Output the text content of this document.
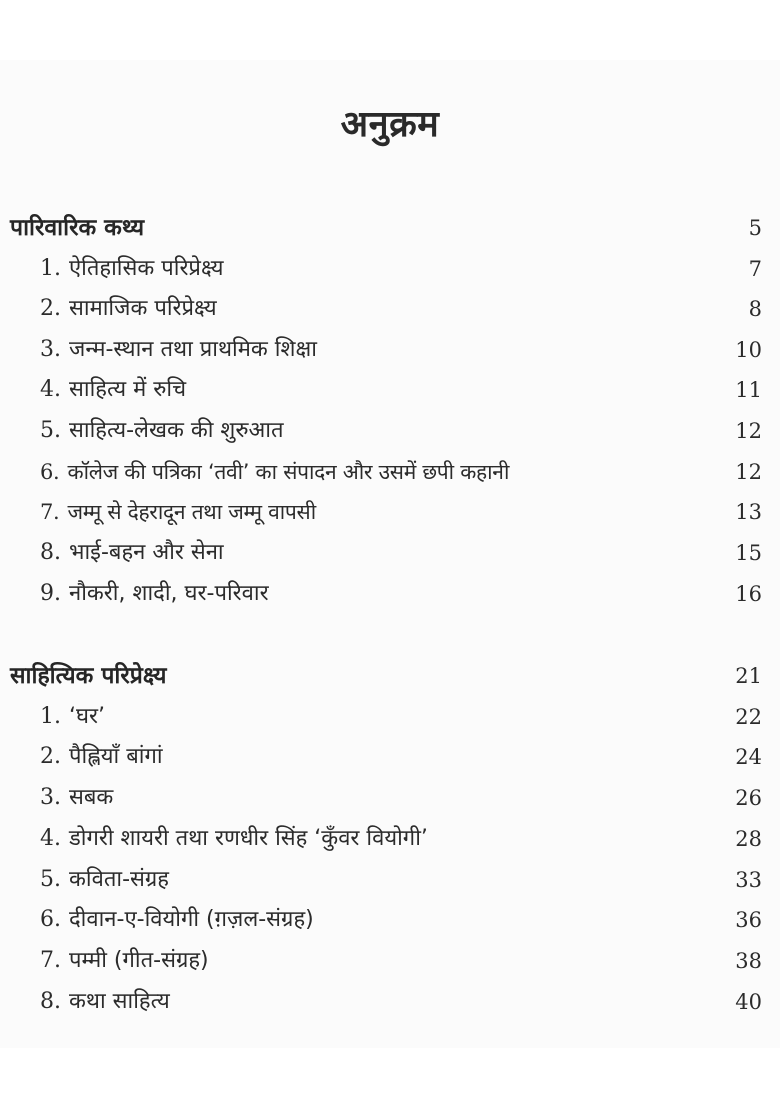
अनुक्रम
पारिवारिक कथ्य	5
1. ऐतिहासिक परिप्रेक्ष्य	7
2. सामाजिक परिप्रेक्ष्य	8
3. जन्म-स्थान तथा प्राथमिक शिक्षा	10
4. साहित्य में रुचि	11
5. साहित्य-लेखक की शुरुआत	12
6. कॉलेज की पत्रिका ‘तवी’ का संपादन और उसमें छपी कहानी	12
7. जम्मू से देहरादून तथा जम्मू वापसी	13
8. भाई-बहन और सेना	15
9. नौकरी, शादी, घर-परिवार	16
साहित्यिक परिप्रेक्ष्य	21
1. ‘घर’	22
2. पैह्लियाँ बांगां	24
3. सबक	26
4. डोगरी शायरी तथा रणधीर सिंह ‘कुँवर वियोगी’	28
5. कविता-संग्रह	33
6. दीवान-ए-वियोगी (ग़ज़ल-संग्रह)	36
7. पम्मी (गीत-संग्रह)	38
8. कथा साहित्य	40
